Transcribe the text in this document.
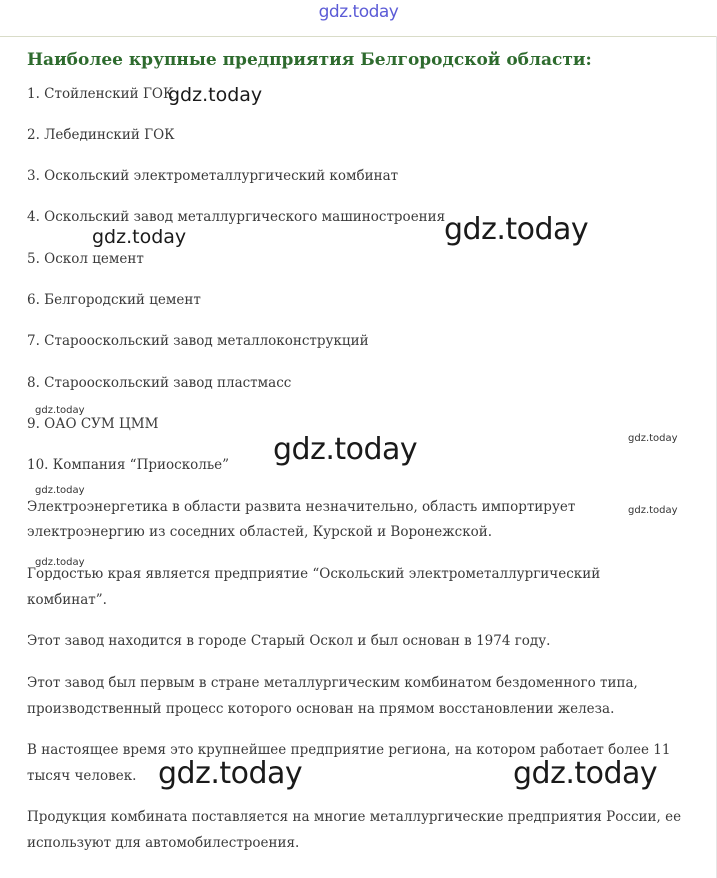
gdz.today
Наиболее крупные предприятия Белгородской области:
1. Стойленский ГОК
2. Лебединский ГОК
3. Оскольский электрометаллургический комбинат
4. Оскольский завод металлургического машиностроения
5. Оскол цемент
6. Белгородский цемент
7. Старооскольский завод металлоконструкций
8. Старооскольский завод пластмасс
9. ОАО СУМ ЦММ
10. Компания “Приосколье”
Электроэнергетика в области развита незначительно, область импортирует
электроэнергию из соседних областей, Курской и Воронежской.
Гордостью края является предприятие “Оскольский электрометаллургический
комбинат”.
Этот завод находится в городе Старый Оскол и был основан в 1974 году.
Этот завод был первым в стране металлургическим комбинатом бездоменного типа,
производственный процесс которого основан на прямом восстановлении железа.
В настоящее время это крупнейшее предприятие региона, на котором работает более 11
тысяч человек.
Продукция комбината поставляется на многие металлургические предприятия России, ее
используют для автомобилестроения.
gdz.today
gdz.today	gdz.today
gdz.today
gdz.today
gdz.today
gdz.today
gdz.today
gdz.today
gdz.today	gdz.today
